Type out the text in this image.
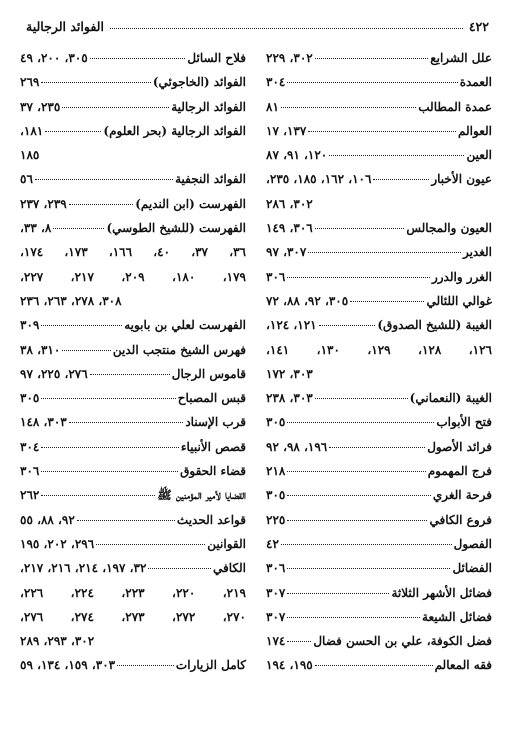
٤٢٢
الفوائد الرجالية
علل الشرايع
٣٠٢، ٢٢٩
العمدة
٣٠٤
عمدة المطالب
٨١
العوالم
١٣٧، ١٧
العين
١٢٠، ٩١، ٨٧
عيون الأخبار
١٠٦، ١٦٢، ١٨٥، ٢٣٥،
٣٠٢، ٢٨٦
العيون والمجالس
٣٠٦، ١٤٩
الغدير
٣٠٧، ٩٧
الغرر والدرر
٣٠٦
غوالي اللئالي
٣٠٥، ٩٢، ٨٨، ٧٢
الغيبة (للشيخ الصدوق)
١٢١، ١٢٤،
١٢٦، ١٢٨، ١٢٩، ١٣٠، ١٤١،
٣٠٣، ١٧٢
الغيبة (النعماني)
٣٠٣، ٢٣٨
فتح الأبواب
٣٠٥
فرائد الأصول
١٩٦، ٩٨، ٩٢
فرج المهموم
٢١٨
فرحة الغري
٣٠٥
فروع الكافي
٢٢٥
الفصول
٤٢
الفضائل
٣٠٦
فضائل الأشهر الثلاثة
٣٠٧
فضائل الشيعة
٣٠٧
فضل الكوفة، علي بن الحسن فضال
١٧٤
فقه المعالم
١٩٥، ١٩٤
فلاح السائل
٣٠٥، ٢٠٠، ٤٩
الفوائد (الخاجوئي)
٢٦٩
الفوائد الرجالية
٢٣٥، ٣٧
الفوائد الرجالية (بحر العلوم)
١٨١،
١٨٥
الفوائد النجفية
٥٦
الفهرست (ابن النديم)
٢٣٩، ٢٣٧
الفهرست (للشيخ الطوسي)
٨، ٣٣،
٣٦، ٣٧، ٤٠، ١٦٦، ١٧٣، ١٧٤،
١٧٩، ١٨٠، ٢٠٩، ٢١٧، ٢٢٧،
٣٠٨، ٢٧٨، ٢٦٣، ٢٣٦
الفهرست لعلي بن بابويه
٣٠٩
فهرس الشيخ منتجب الدين
٣١٠، ٣٨
قاموس الرجال
٢٧٦، ٢٢٥، ٩٧
قبس المصباح
٣٠٥
قرب الإسناد
٣٠٣، ١٤٨
قصص الأنبياء
٣٠٤
قضاء الحقوق
٣٠٦
القضايا لأمير المؤمنين ﷺ
٢٦٢
قواعد الحديث
٩٢، ٨٨، ٥٥
القوانين
٢٩٦، ٢٠٢، ١٩٥
الكافي
٣٢، ١٩٧، ٢١٤، ٢١٦، ٢١٧،
٢١٩، ٢٢٠، ٢٢٣، ٢٢٤، ٢٢٦،
٢٧٠، ٢٧٢، ٢٧٣، ٢٧٤، ٢٧٦،
٣٠٢، ٢٩٣، ٢٨٩
كامل الزيارات
٣٠٣، ١٥٩، ١٣٤، ٥٩
